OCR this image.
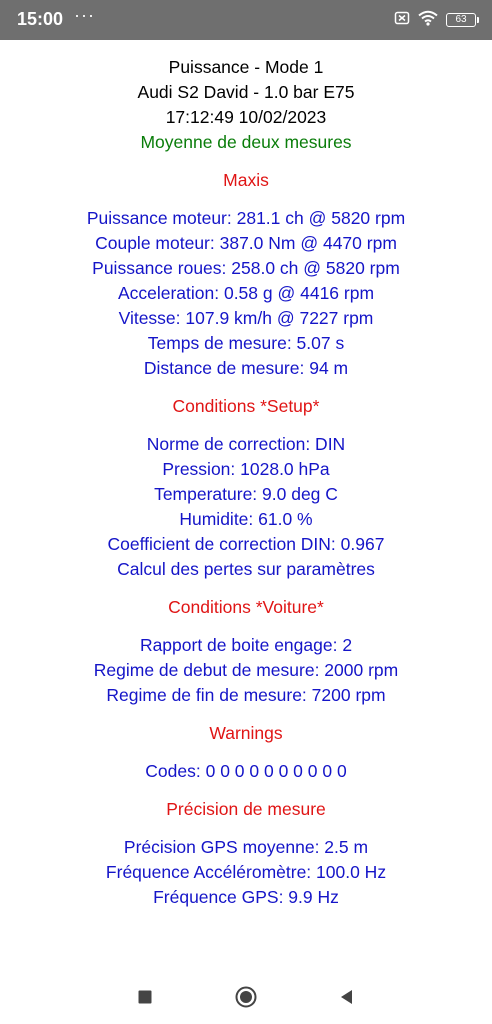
15:00 ···	63
Puissance - Mode 1
Audi S2 David - 1.0 bar E75
17:12:49 10/02/2023
Moyenne de deux mesures
Maxis
Puissance moteur: 281.1 ch @ 5820 rpm
Couple moteur: 387.0 Nm @ 4470 rpm
Puissance roues: 258.0 ch @ 5820 rpm
Acceleration: 0.58 g @ 4416 rpm
Vitesse: 107.9 km/h @ 7227 rpm
Temps de mesure: 5.07 s
Distance de mesure: 94 m
Conditions *Setup*
Norme de correction: DIN
Pression: 1028.0 hPa
Temperature: 9.0 deg C
Humidite: 61.0 %
Coefficient de correction DIN: 0.967
Calcul des pertes sur paramètres
Conditions *Voiture*
Rapport de boite engage: 2
Regime de debut de mesure: 2000 rpm
Regime de fin de mesure: 7200 rpm
Warnings
Codes: 0 0 0 0 0 0 0 0 0 0
Précision de mesure
Précision GPS moyenne: 2.5 m
Fréquence Accéléromètre: 100.0 Hz
Fréquence GPS: 9.9 Hz
